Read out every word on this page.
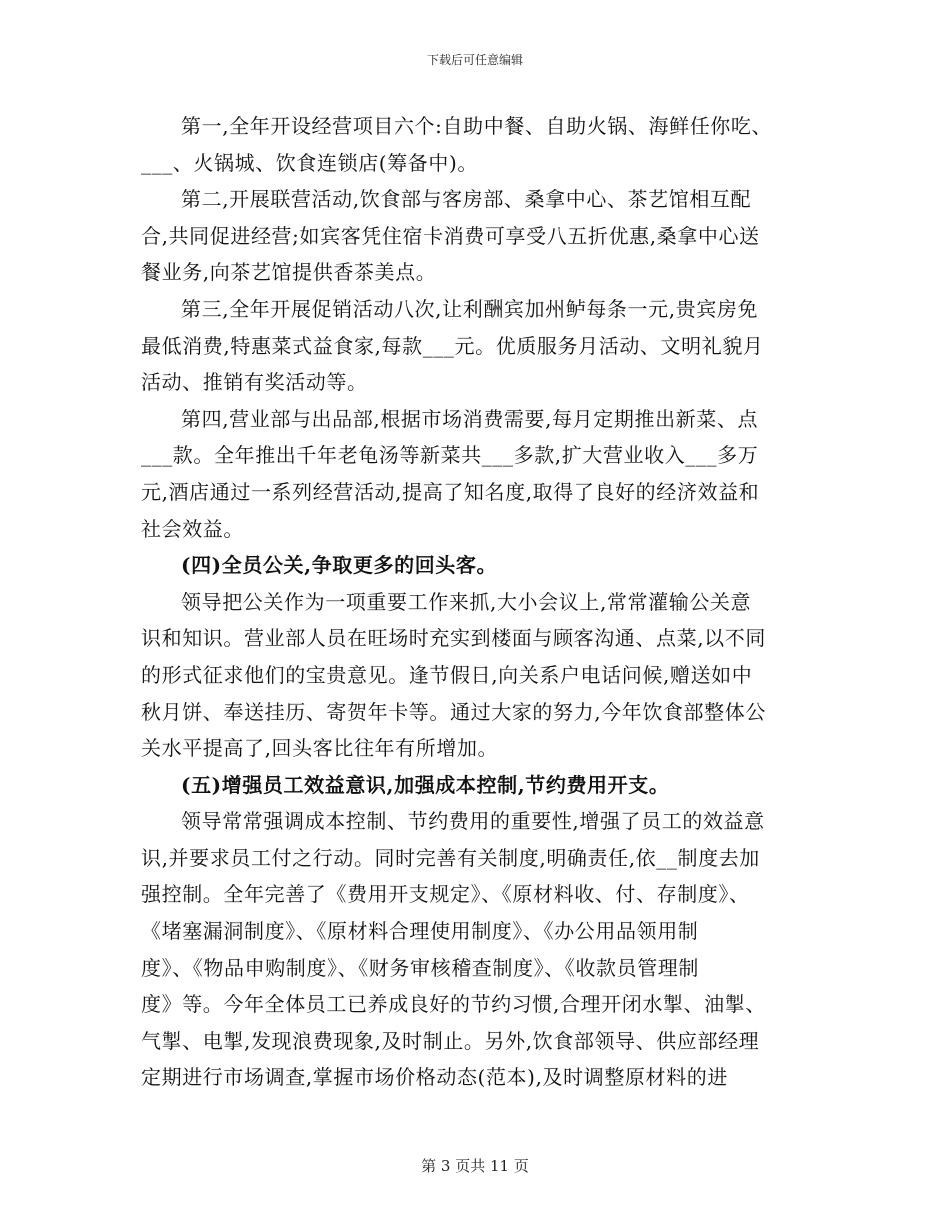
下载后可任意编辑
第一,全年开设经营项目六个:自助中餐、自助火锅、海鲜任你吃、
___、火锅城、饮食连锁店(筹备中)。
第二,开展联营活动,饮食部与客房部、桑拿中心、茶艺馆相互配
合,共同促进经营;如宾客凭住宿卡消费可享受八五折优惠,桑拿中心送
餐业务,向茶艺馆提供香茶美点。
第三,全年开展促销活动八次,让利酬宾加州鲈每条一元,贵宾房免
最低消费,特惠菜式益食家,每款___元。优质服务月活动、文明礼貌月
活动、推销有奖活动等。
第四,营业部与出品部,根据市场消费需要,每月定期推出新菜、点
___款。全年推出千年老龟汤等新菜共___多款,扩大营业收入___多万
元,酒店通过一系列经营活动,提高了知名度,取得了良好的经济效益和
社会效益。
(四)全员公关,争取更多的回头客。
领导把公关作为一项重要工作来抓,大小会议上,常常灌输公关意
识和知识。营业部人员在旺场时充实到楼面与顾客沟通、点菜,以不同
的形式征求他们的宝贵意见。逢节假日,向关系户电话问候,赠送如中
秋月饼、奉送挂历、寄贺年卡等。通过大家的努力,今年饮食部整体公
关水平提高了,回头客比往年有所增加。
(五)增强员工效益意识,加强成本控制,节约费用开支。
领导常常强调成本控制、节约费用的重要性,增强了员工的效益意
识,并要求员工付之行动。同时完善有关制度,明确责任,依__制度去加
强控制。全年完善了《费用开支规定》、《原材料收、付、存制度》、
《堵塞漏洞制度》、《原材料合理使用制度》、《办公用品领用制
度》、《物品申购制度》、《财务审核稽查制度》、《收款员管理制
度》等。今年全体员工已养成良好的节约习惯,合理开闭水掣、油掣、
气掣、电掣,发现浪费现象,及时制止。另外,饮食部领导、供应部经理
定期进行市场调查,掌握市场价格动态(范本),及时调整原材料的进
第 3 页共 11 页
